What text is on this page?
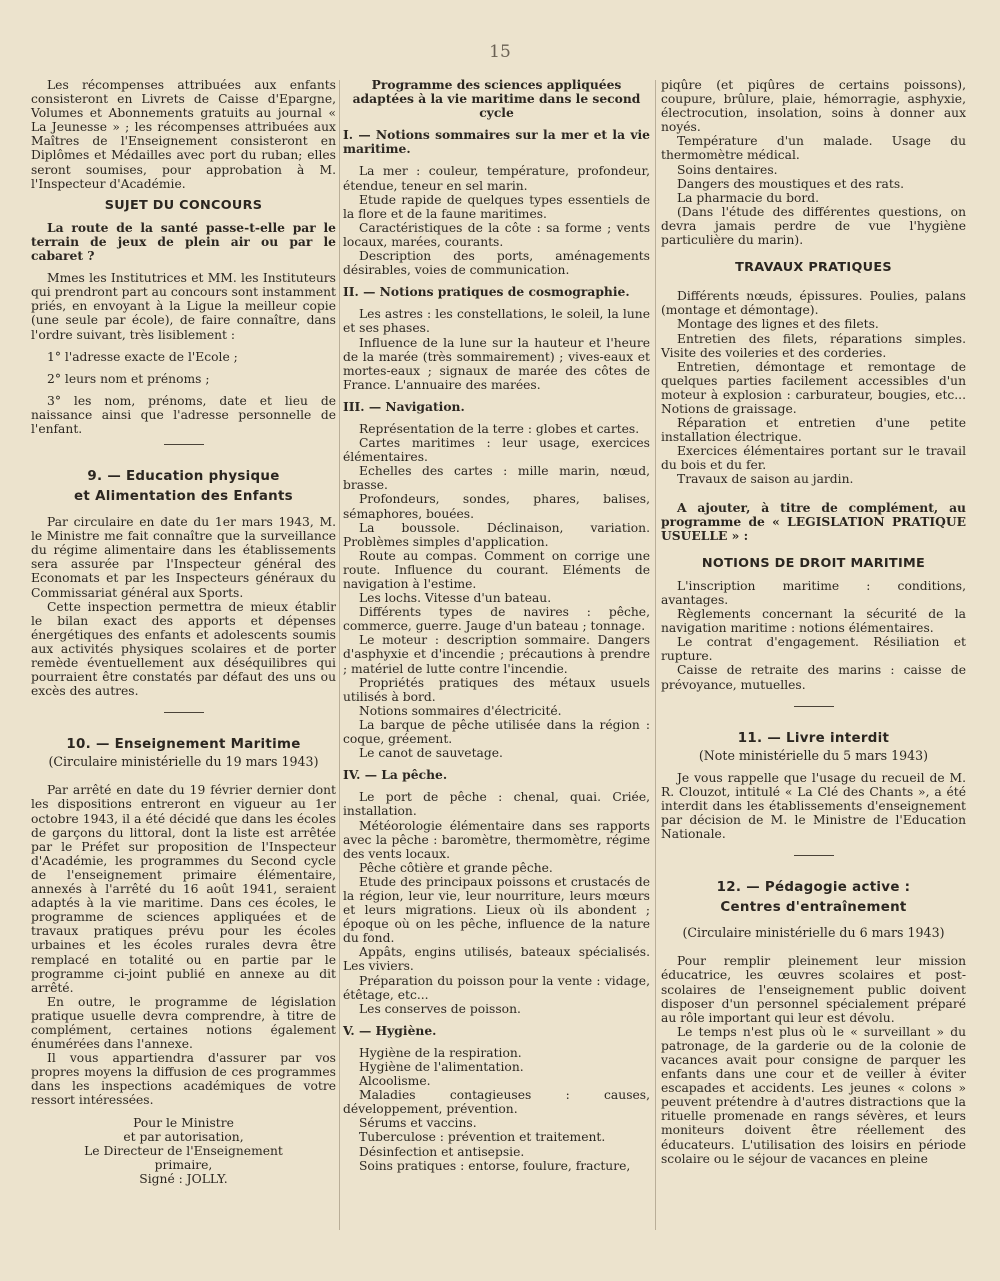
15

Les récompenses attribuées aux enfants consisteront en Livrets de Caisse d'Epargne, Volumes et Abonnements gratuits au journal « La Jeunesse » ; les récompenses attribuées aux Maîtres de l'Enseignement consisteront en Diplômes et Médailles avec port du ruban; elles seront soumises, pour approbation à M. l'Inspecteur d'Académie.

SUJET DU CONCOURS

La route de la santé passe-t-elle par le terrain de jeux de plein air ou par le cabaret ?

Mmes les Institutrices et MM. les Instituteurs qui prendront part au concours sont instamment priés, en envoyant à la Ligue la meilleur copie (une seule par école), de faire connaître, dans l'ordre suivant, très lisiblement :

1° l'adresse exacte de l'Ecole ;

2° leurs nom et prénoms ;

3° les nom, prénoms, date et lieu de naissance ainsi que l'adresse personnelle de l'enfant.

9. — Education physique

et Alimentation des Enfants

Par circulaire en date du 1er mars 1943, M. le Ministre me fait connaître que la surveillance du régime alimentaire dans les établissements sera assurée par l'Inspecteur général des Economats et par les Inspecteurs généraux du Commissariat général aux Sports.

Cette inspection permettra de mieux établir le bilan exact des apports et dépenses énergétiques des enfants et adolescents soumis aux activités physiques scolaires et de porter remède éventuellement aux déséquilibres qui pourraient être constatés par défaut des uns ou excès des autres.

10. — Enseignement Maritime

(Circulaire ministérielle du 19 mars 1943)

Par arrêté en date du 19 février dernier dont les dispositions entreront en vigueur au 1er octobre 1943, il a été décidé que dans les écoles de garçons du littoral, dont la liste est arrêtée par le Préfet sur proposition de l'Inspecteur d'Académie, les programmes du Second cycle de l'enseignement primaire élémentaire, annexés à l'arrêté du 16 août 1941, seraient adaptés à la vie maritime. Dans ces écoles, le programme de sciences appliquées et de travaux pratiques prévu pour les écoles urbaines et les écoles rurales devra être remplacé en totalité ou en partie par le programme ci-joint publié en annexe au dit arrêté.

En outre, le programme de législation pratique usuelle devra comprendre, à titre de complément, certaines notions également énumérées dans l'annexe.

Il vous appartiendra d'assurer par vos propres moyens la diffusion de ces programmes dans les inspections académiques de votre ressort intéressées.

Pour le Ministre

et par autorisation,

Le Directeur de l'Enseignement

primaire,

Signé : JOLLY.

Programme des sciences appliquées adaptées à la vie maritime dans le second cycle

I. — Notions sommaires sur la mer et la vie maritime.

La mer : couleur, température, profondeur, étendue, teneur en sel marin.

Etude rapide de quelques types essentiels de la flore et de la faune maritimes.

Caractéristiques de la côte : sa forme ; vents locaux, marées, courants.

Description des ports, aménagements désirables, voies de communication.

II. — Notions pratiques de cosmographie.

Les astres : les constellations, le soleil, la lune et ses phases.

Influence de la lune sur la hauteur et l'heure de la marée (très sommairement) ; vives-eaux et mortes-eaux ; signaux de marée des côtes de France. L'annuaire des marées.

III. — Navigation.

Représentation de la terre : globes et cartes.

Cartes maritimes : leur usage, exercices élémentaires.

Echelles des cartes : mille marin, nœud, brasse.

Profondeurs, sondes, phares, balises, sémaphores, bouées.

La boussole. Déclinaison, variation. Problèmes simples d'application.

Route au compas. Comment on corrige une route. Influence du courant. Eléments de navigation à l'estime.

Les lochs. Vitesse d'un bateau.

Différents types de navires : pêche, commerce, guerre. Jauge d'un bateau ; tonnage.

Le moteur : description sommaire. Dangers d'asphyxie et d'incendie ; précautions à prendre ; matériel de lutte contre l'incendie.

Propriétés pratiques des métaux usuels utilisés à bord.

Notions sommaires d'électricité.

La barque de pêche utilisée dans la région : coque, gréement.

Le canot de sauvetage.

IV. — La pêche.

Le port de pêche : chenal, quai. Criée, installation.

Météorologie élémentaire dans ses rapports avec la pêche : baromètre, thermomètre, régime des vents locaux.

Pêche côtière et grande pêche.

Etude des principaux poissons et crustacés de la région, leur vie, leur nourriture, leurs mœurs et leurs migrations. Lieux où ils abondent ; époque où on les pêche, influence de la nature du fond.

Appâts, engins utilisés, bateaux spécialisés. Les viviers.

Préparation du poisson pour la vente : vidage, étêtage, etc...

Les conserves de poisson.

V. — Hygiène.

Hygiène de la respiration.

Hygiène de l'alimentation.

Alcoolisme.

Maladies contagieuses : causes, développement, prévention.

Sérums et vaccins.

Tuberculose : prévention et traitement.

Désinfection et antisepsie.

Soins pratiques : entorse, foulure, fracture,

piqûre (et piqûres de certains poissons), coupure, brûlure, plaie, hémorragie, asphyxie, électrocution, insolation, soins à donner aux noyés.

Température d'un malade. Usage du thermomètre médical.

Soins dentaires.

Dangers des moustiques et des rats.

La pharmacie du bord.

(Dans l'étude des différentes questions, on devra jamais perdre de vue l'hygiène particulière du marin).

TRAVAUX PRATIQUES

Différents nœuds, épissures. Poulies, palans (montage et démontage).

Montage des lignes et des filets.

Entretien des filets, réparations simples. Visite des voileries et des corderies.

Entretien, démontage et remontage de quelques parties facilement accessibles d'un moteur à explosion : carburateur, bougies, etc... Notions de graissage.

Réparation et entretien d'une petite installation électrique.

Exercices élémentaires portant sur le travail du bois et du fer.

Travaux de saison au jardin.

A ajouter, à titre de complément, au programme de « LEGISLATION PRATIQUE USUELLE » :

NOTIONS DE DROIT MARITIME

L'inscription maritime : conditions, avantages.

Règlements concernant la sécurité de la navigation maritime : notions élémentaires.

Le contrat d'engagement. Résiliation et rupture.

Caisse de retraite des marins : caisse de prévoyance, mutuelles.

11. — Livre interdit

(Note ministérielle du 5 mars 1943)

Je vous rappelle que l'usage du recueil de M. R. Clouzot, intitulé « La Clé des Chants », a été interdit dans les établissements d'enseignement par décision de M. le Ministre de l'Education Nationale.

12. — Pédagogie active :

Centres d'entraînement

(Circulaire ministérielle du 6 mars 1943)

Pour remplir pleinement leur mission éducatrice, les œuvres scolaires et post-scolaires de l'enseignement public doivent disposer d'un personnel spécialement préparé au rôle important qui leur est dévolu.

Le temps n'est plus où le « surveillant » du patronage, de la garderie ou de la colonie de vacances avait pour consigne de parquer les enfants dans une cour et de veiller à éviter escapades et accidents. Les jeunes « colons » peuvent prétendre à d'autres distractions que la rituelle promenade en rangs sévères, et leurs moniteurs doivent être réellement des éducateurs. L'utilisation des loisirs en période scolaire ou le séjour de vacances en pleine
